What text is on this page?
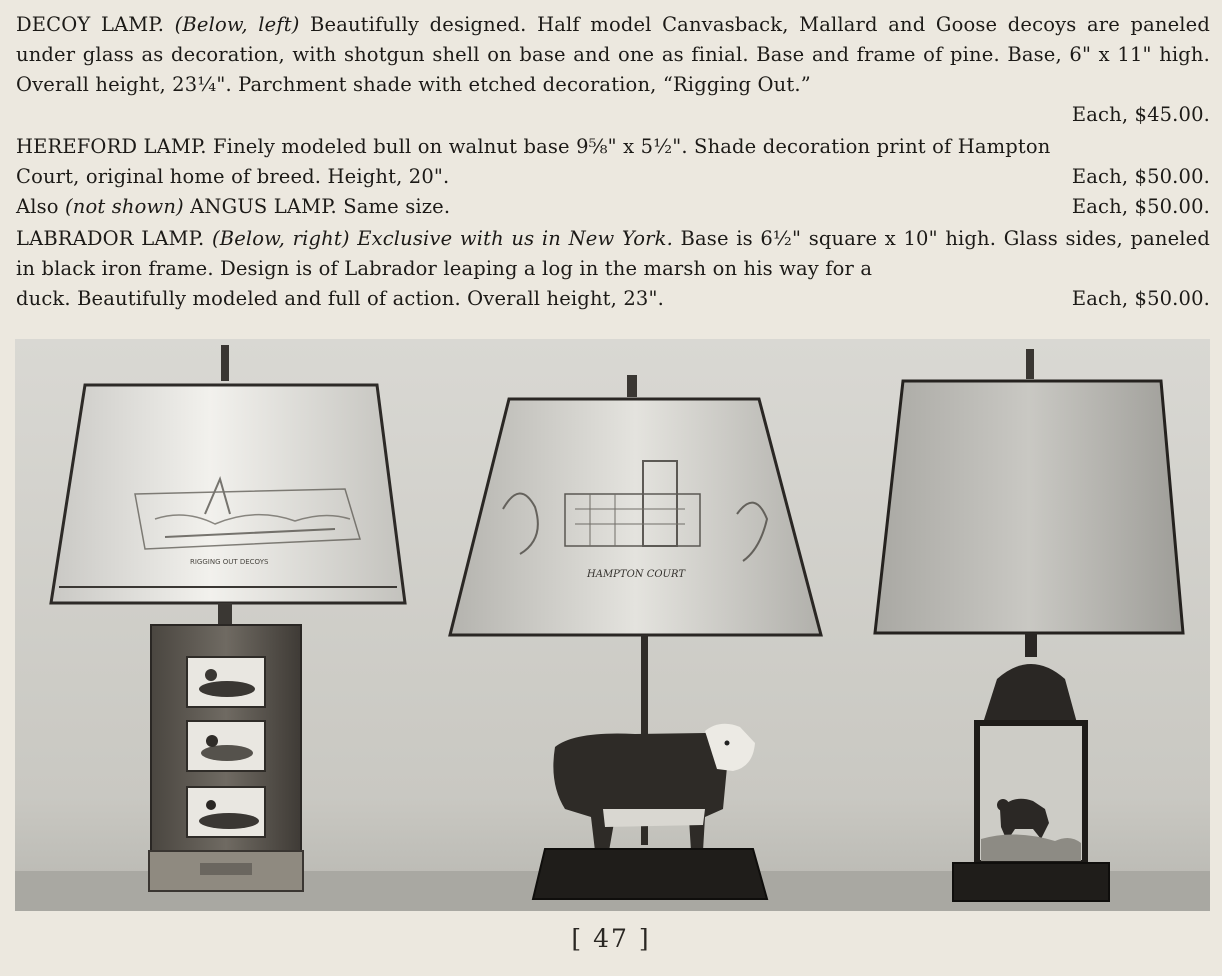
DECOY LAMP. (Below, left) Beautifully designed. Half model Canvasback, Mallard and Goose decoys are paneled under glass as decoration, with shotgun shell on base and one as finial. Base and frame of pine. Base, 6" x 11" high. Overall height, 23¼". Parchment shade with etched decoration, “Rigging Out.”

Each, $45.00.

HEREFORD LAMP. Finely modeled bull on walnut base 9⅝" x 5½". Shade decoration print of Hampton

Court, original home of breed. Height, 20".	Each, $50.00.
Also (not shown) ANGUS LAMP. Same size.	Each, $50.00.

LABRADOR LAMP. (Below, right) Exclusive with us in New York. Base is 6½" square x 10" high. Glass sides, paneled in black iron frame. Design is of Labrador leaping a log in the marsh on his way for a

duck. Beautifully modeled and full of action. Overall height, 23".	Each, $50.00.
RIGGING OUT DECOYS
HAMPTON COURT
[ 47 ]
